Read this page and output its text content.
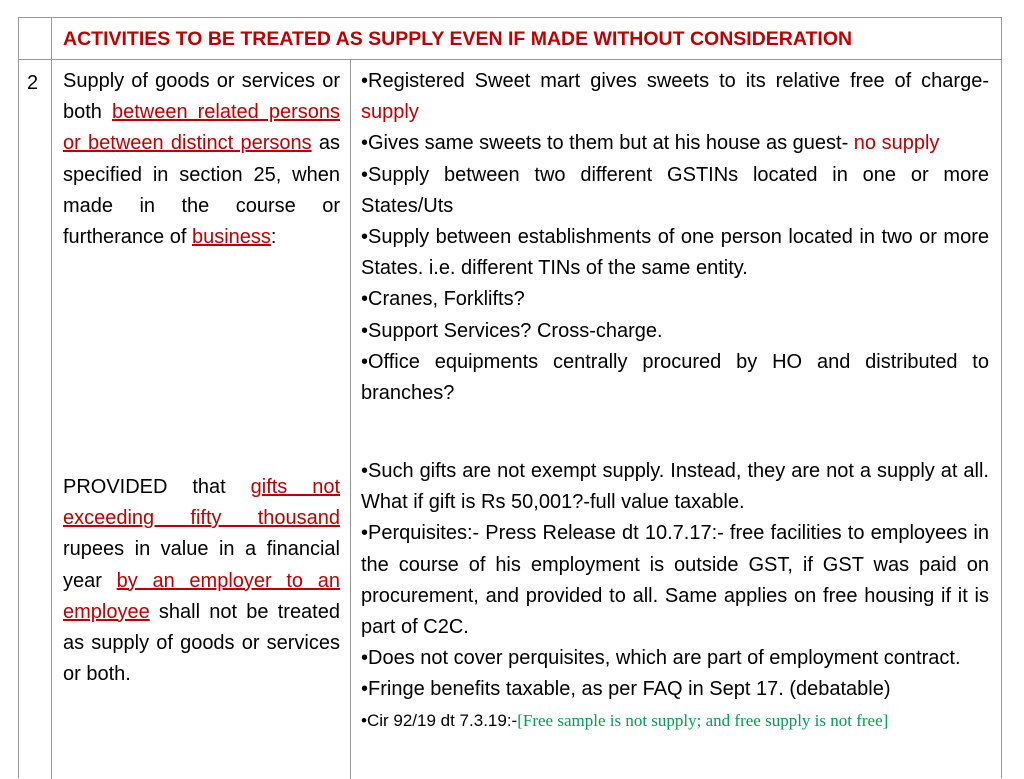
ACTIVITIES TO BE TREATED AS SUPPLY EVEN IF MADE WITHOUT CONSIDERATION
2 Supply of goods or services or both between related persons or between distinct persons as specified in section 25, when made in the course or furtherance of business:
PROVIDED that gifts not exceeding fifty thousand rupees in value in a financial year by an employer to an employee shall not be treated as supply of goods or services or both.
•Registered Sweet mart gives sweets to its relative free of charge- supply
•Gives same sweets to them but at his house as guest- no supply
•Supply between two different GSTINs located in one or more States/Uts
•Supply between establishments of one person located in two or more States. i.e. different TINs of the same entity.
•Cranes, Forklifts?
•Support Services? Cross-charge.
•Office equipments centrally procured by HO and distributed to branches?
•Such gifts are not exempt supply. Instead, they are not a supply at all. What if gift is Rs 50,001?-full value taxable.
•Perquisites:- Press Release dt 10.7.17:- free facilities to employees in the course of his employment is outside GST, if GST was paid on procurement, and provided to all. Same applies on free housing if it is part of C2C.
•Does not cover perquisites, which are part of employment contract.
•Fringe benefits taxable, as per FAQ in Sept 17. (debatable)
•Cir 92/19 dt 7.3.19:-[Free sample is not supply; and free supply is not free]
